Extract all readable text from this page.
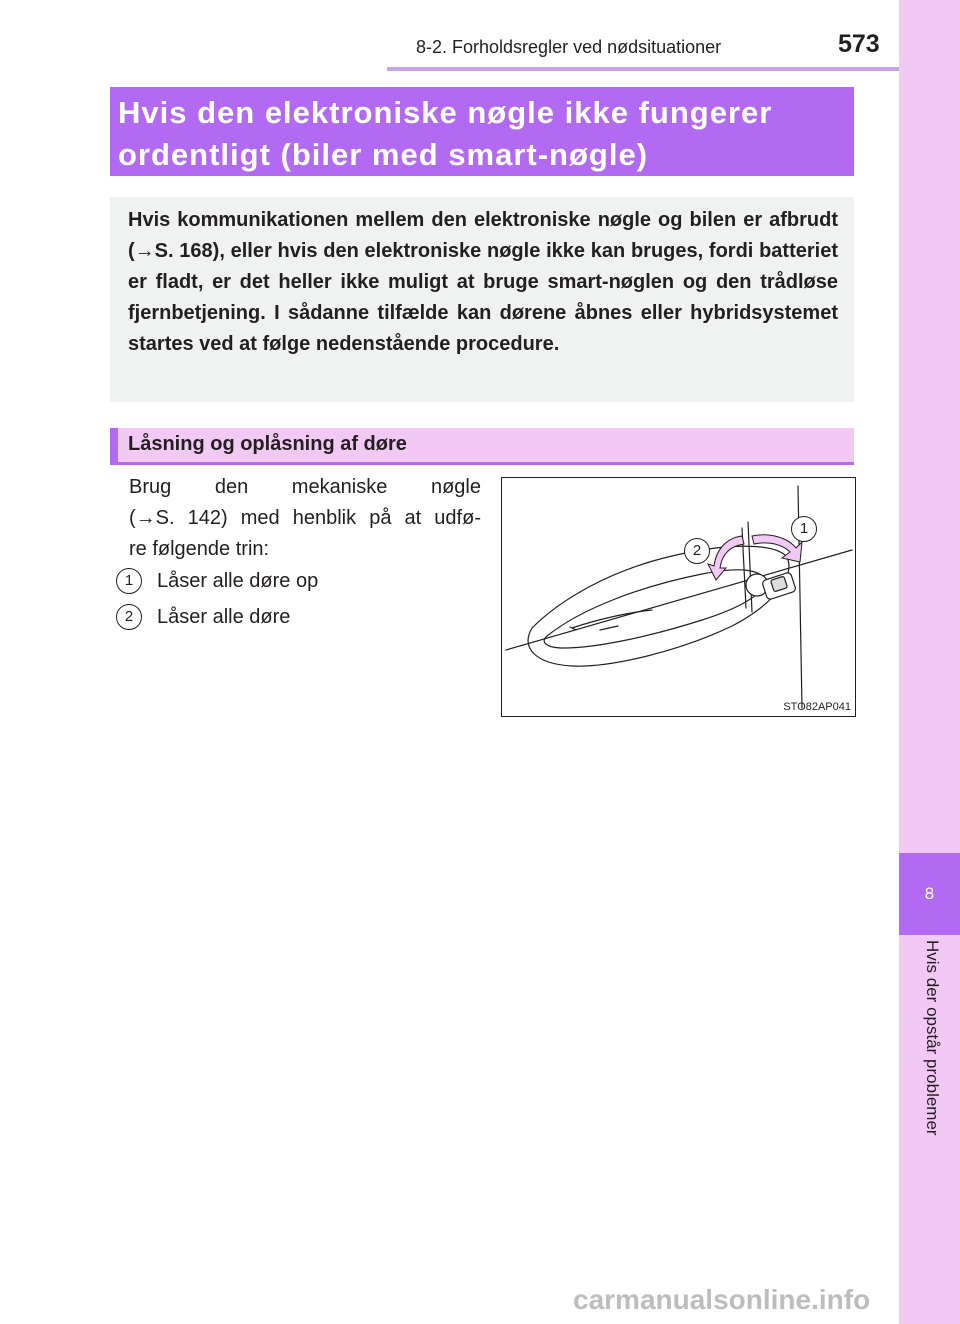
8-2. Forholdsregler ved nødsituationer	573
8
Hvis der opstår problemer
Hvis den elektroniske nøgle ikke fungerer
ordentligt (biler med smart-nøgle)
Hvis kommunikationen mellem den elektroniske nøgle og bilen er afbrudt (→S. 168), eller hvis den elektroniske nøgle ikke kan bruges, fordi batteriet er fladt, er det heller ikke muligt at bruge smart-nøglen og den trådløse fjernbetjening. I sådanne tilfælde kan dørene åbnes eller hybridsystemet startes ved at følge nedenstående procedure.
Låsning og oplåsning af døre
Brug den mekaniske nøgle
(→S. 142) med henblik på at udfø-
re følgende trin:
1	Låser alle døre op
2	Låser alle døre
1
2
STO82AP041
carmanualsonline.info
